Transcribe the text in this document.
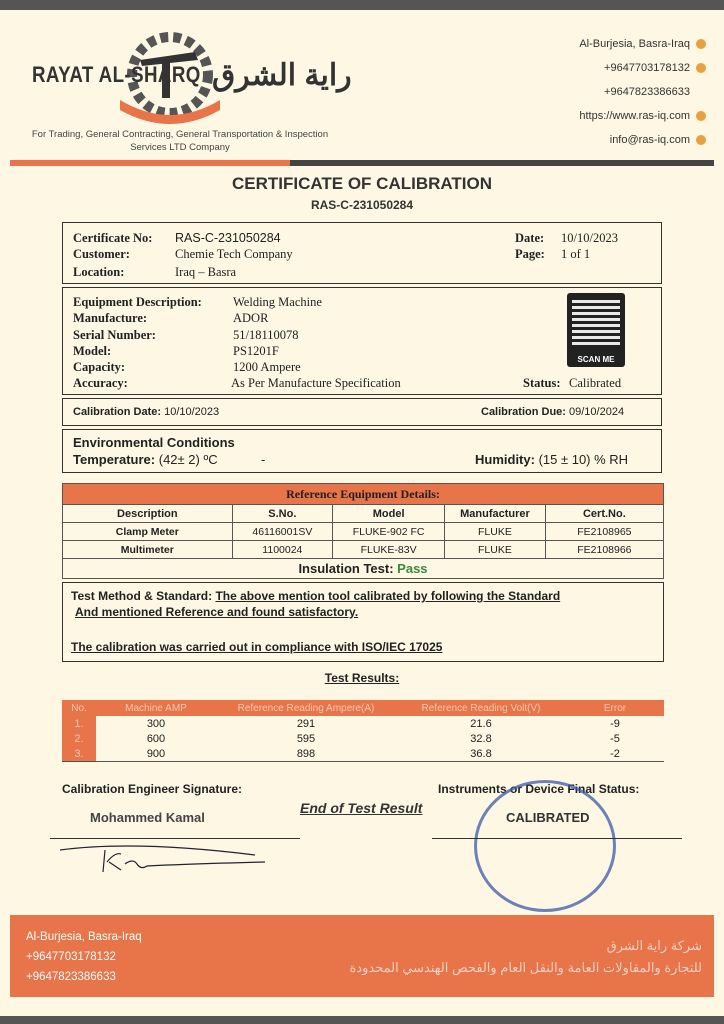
RAYAT AL-SHARQ راية الشرق
For Trading, General Contracting, General Transportation & Inspection Services LTD Company
Al-Burjesia, Basra-Iraq
+9647703178132
+9647823386633
https://www.ras-iq.com
info@ras-iq.com
CERTIFICATE OF CALIBRATION
RAS-C-231050284
Certificate No: RAS-C-231050284
Customer:	Chemie Tech Company
Location:	Iraq – Basra
Date: 10/10/2023
Page: 1 of 1
Equipment Description: Welding Machine
Manufacture:	ADOR
Serial Number:	51/18110078
Model:	PS1201F
Capacity:	1200 Ampere
Accuracy:	As Per Manufacture Specification	Status: Calibrated
SCAN ME
Calibration Date: 10/10/2023	Calibration Due: 09/10/2024
Environmental Conditions
Temperature: (42± 2) ºC	-	Humidity: (15 ± 10) % RH
Reference Equipment Details:
Description	S.No.	Model	Manufacturer	Cert.No.
Clamp Meter	46116001SV	FLUKE-902 FC	FLUKE	FE2108965
Multimeter	1100024	FLUKE-83V	FLUKE	FE2108966
Insulation Test: Pass
Test Method & Standard: The above mention tool calibrated by following the Standard
And mentioned Reference and found satisfactory.
The calibration was carried out in compliance with ISO/IEC 17025
Test Results:
No.	Machine AMP	Reference Reading Ampere(A)	Reference Reading Volt(V)	Error
1.	300	291	21.6	-9
2.	600	595	32.8	-5
3.	900	898	36.8	-2
Calibration Engineer Signature:
Mohammed Kamal
End of Test Result
Instruments or Device Final Status:
CALIBRATED
Al-Burjesia, Basra-Iraq
+9647703178132
+9647823386633
شركة راية الشرق
للتجارة والمقاولات العامة والنقل العام والفحص الهندسي المحدودة
